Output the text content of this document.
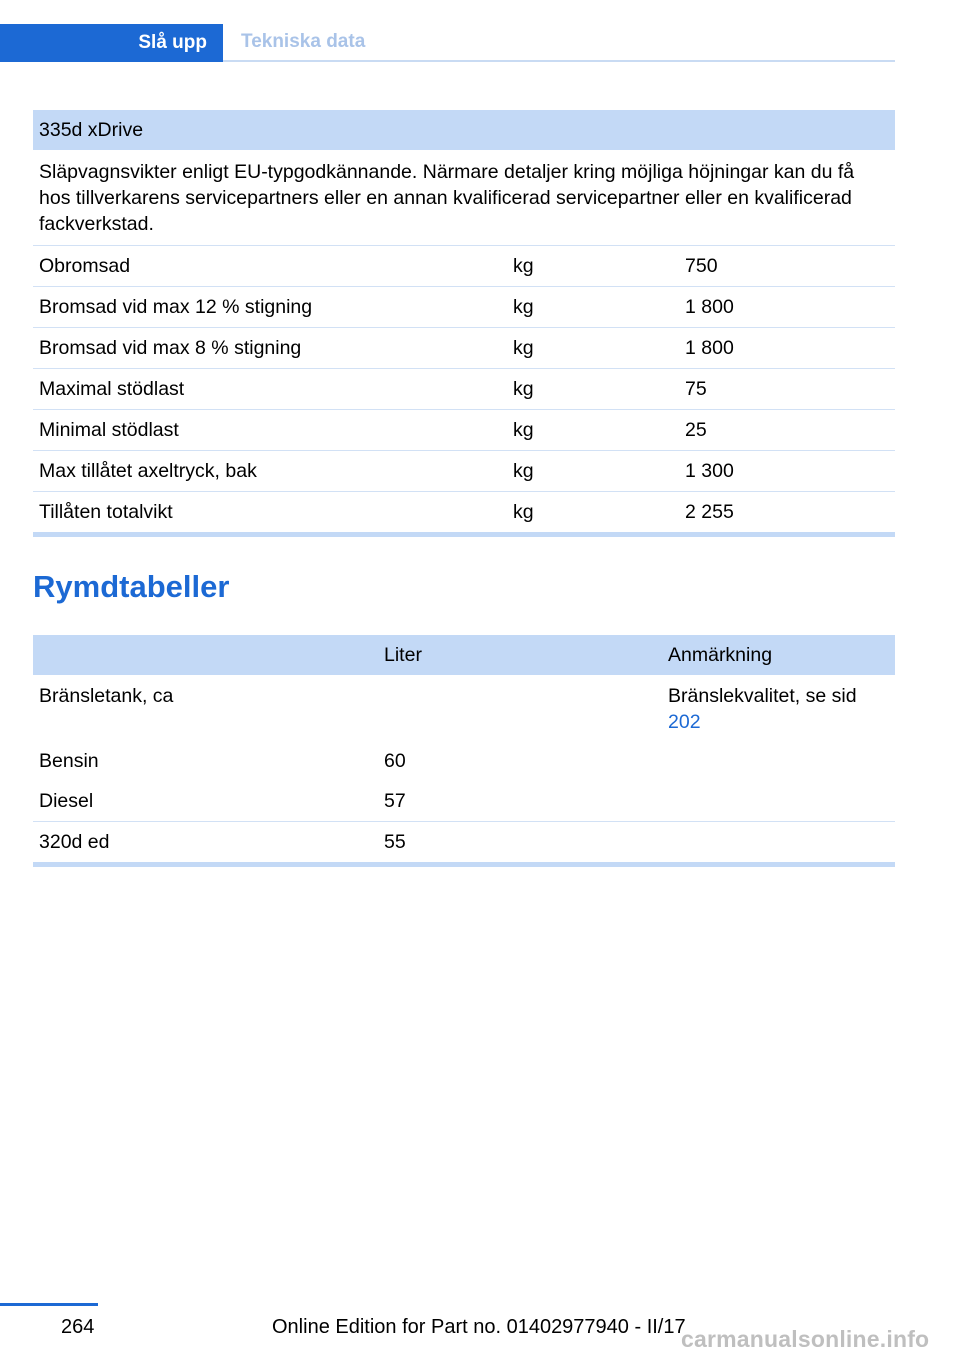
Slå upp Tekniska data
335d xDrive		
Släpvagnsvikter enligt EU-typgodkännande. Närmare detaljer kring möjliga höjningar kan du få hos tillverkarens servicepartners eller en annan kvalificerad servicepartner eller en kvalificerad fackverkstad.		
Obromsad	kg	750
Bromsad vid max 12 % stigning	kg	1 800
Bromsad vid max 8 % stigning	kg	1 800
Maximal stödlast	kg	75
Minimal stödlast	kg	25
Max tillåtet axeltryck, bak	kg	1 300
Tillåten totalvikt	kg	2 255
Rymdtabeller
	Liter	Anmärkning
Bränsletank, ca		Bränslekvalitet, se sid 202
Bensin	60	
Diesel	57	
320d ed	55	
264	Online Edition for Part no. 01402977940 - II/17
carmanualsonline.info
